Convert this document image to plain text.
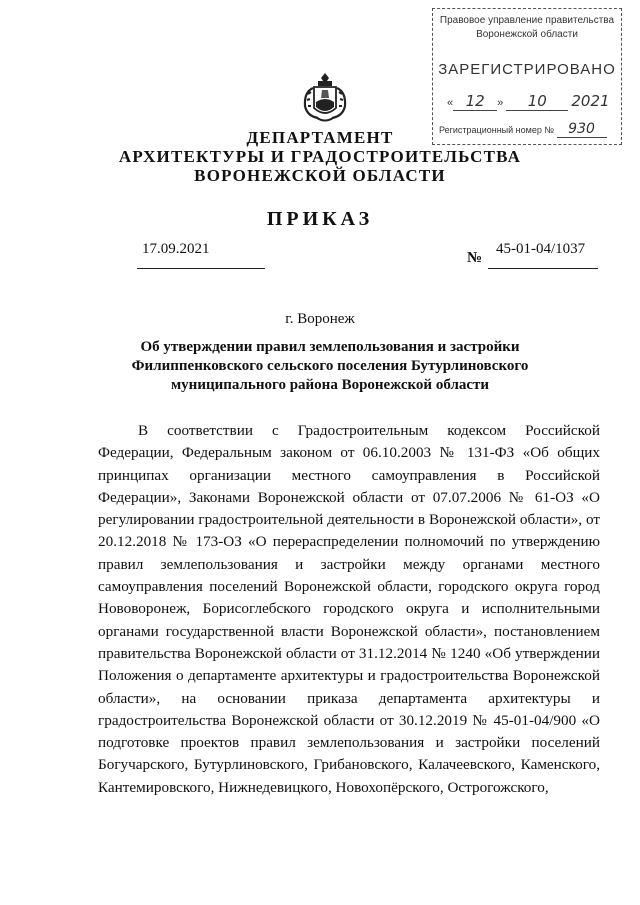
Правовое управление правительства
Воронежской области
ЗАРЕГИСТРИРОВАНО
« 12 » 10 2021
Регистрационный номер № 930
ДЕПАРТАМЕНТ
АРХИТЕКТУРЫ И ГРАДОСТРОИТЕЛЬСТВА
ВОРОНЕЖСКОЙ ОБЛАСТИ
ПРИКАЗ
17.09.2021
№
45-01-04/1037
г. Воронеж
Об утверждении правил землепользования и застройки Филиппенковского сельского поселения Бутурлиновского муниципального района Воронежской области
В соответствии с Градостроительным кодексом Российской Федерации, Федеральным законом от 06.10.2003 № 131-ФЗ «Об общих принципах организации местного самоуправления в Российской Федерации», Законами Воронежской области от 07.07.2006 № 61-ОЗ «О регулировании градостроительной деятельности в Воронежской области», от 20.12.2018 № 173-ОЗ «О перераспределении полномочий по утверждению правил землепользования и застройки между органами местного самоуправления поселений Воронежской области, городского округа город Нововоронеж, Борисоглебского городского округа и исполнительными органами государственной власти Воронежской области», постановлением правительства Воронежской области от 31.12.2014 № 1240 «Об утверждении Положения о департаменте архитектуры и градостроительства Воронежской области», на основании приказа департамента архитектуры и градостроительства Воронежской области от 30.12.2019 № 45-01-04/900 «О подготовке проектов правил землепользования и застройки поселений Богучарского, Бутурлиновского, Грибановского, Калачеевского, Каменского, Кантемировского, Нижнедевицкого, Новохопёрского, Острогожского,
